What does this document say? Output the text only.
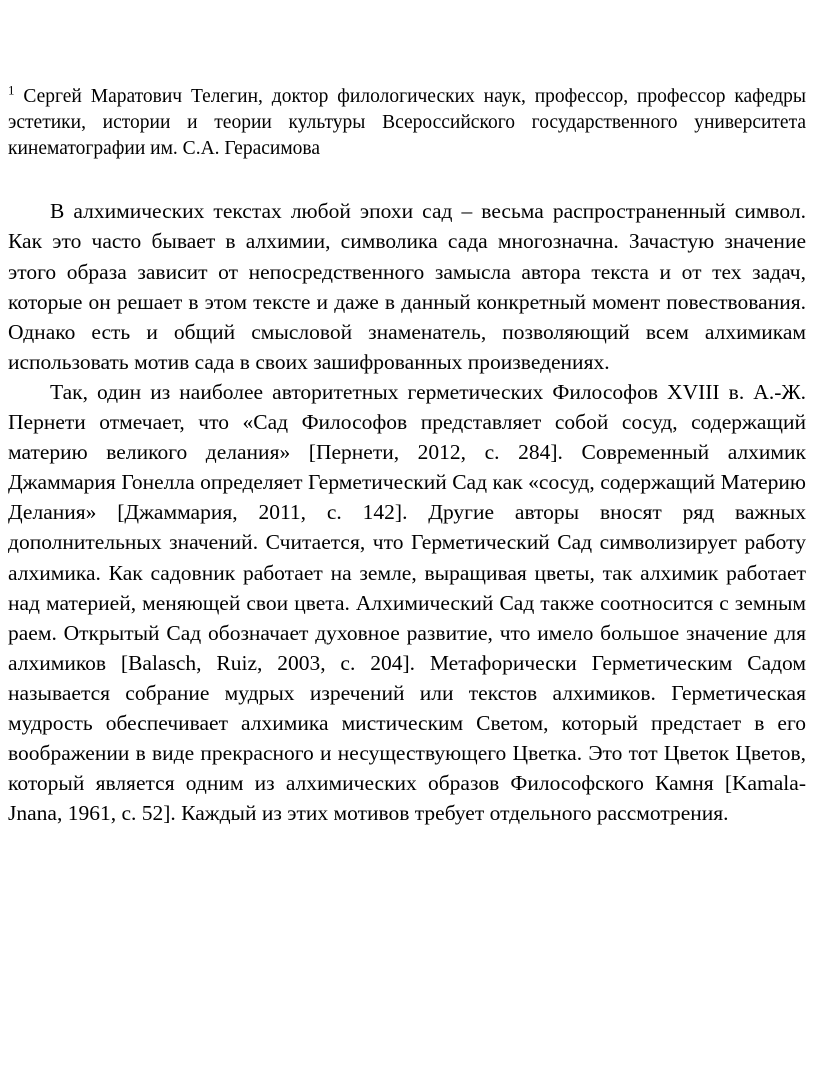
$^1$ Сергей Маратович Телегин, доктор филологических наук, профессор, профессор кафедры эстетики, истории и теории культуры Всероссийского государственного университета кинематографии им. С.А. Герасимова

В алхимических текстах любой эпохи сад – весьма распространенный символ. Как это часто бывает в алхимии, символика сада многозначна. Зачастую значение этого образа зависит от непосредственного замысла автора текста и от тех задач, которые он решает в этом тексте и даже в данный конкретный момент повествования. Однако есть и общий смысловой знаменатель, позволяющий всем алхимикам использовать мотив сада в своих зашифрованных произведениях.

Так, один из наиболее авторитетных герметических Философов XVIII в. А.-Ж. Пернети отмечает, что «Сад Философов представляет собой сосуд, содержащий материю великого делания» [Пернети, 2012, с. 284]. Современный алхимик Джаммария Гонелла определяет Герметический Сад как «сосуд, содержащий Материю Делания» [Джаммария, 2011, с. 142]. Другие авторы вносят ряд важных дополнительных значений. Считается, что Герметический Сад символизирует работу алхимика. Как садовник работает на земле, выращивая цветы, так алхимик работает над материей, меняющей свои цвета. Алхимический Сад также соотносится с земным раем. Открытый Сад обозначает духовное развитие, что имело большое значение для алхимиков [Balasch, Ruiz, 2003, с. 204]. Метафорически Герметическим Садом называется собрание мудрых изречений или текстов алхимиков. Герметическая мудрость обеспечивает алхимика мистическим Светом, который предстает в его воображении в виде прекрасного и несуществующего Цветка. Это тот Цветок Цветов, который является одним из алхимических образов Философского Камня [Kamala-Jnana, 1961, с. 52]. Каждый из этих мотивов требует отдельного рассмотрения.
